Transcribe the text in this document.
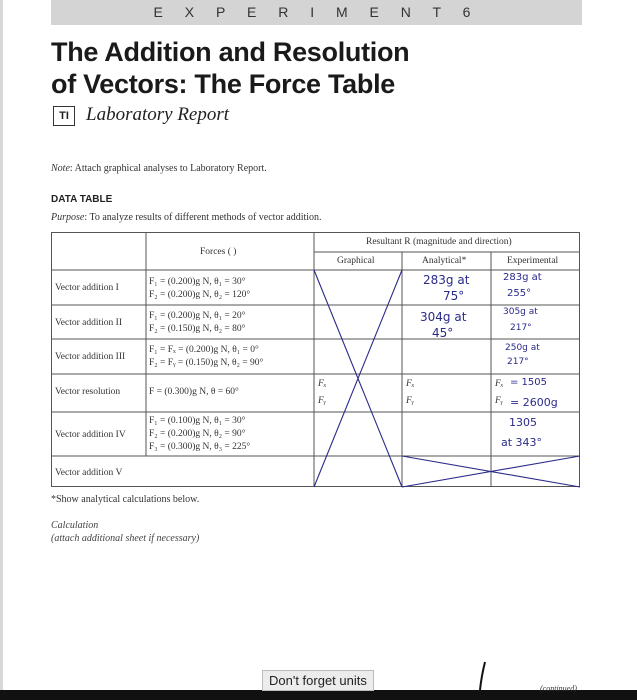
E X P E R I M E N T 6
The Addition and Resolution
of Vectors: The Force Table
TI Laboratory Report
Note: Attach graphical analyses to Laboratory Report.
DATA TABLE
Purpose: To analyze results of different methods of vector addition.
Forces ( )
Resultant R (magnitude and direction)
Graphical	Analytical*	Experimental
Vector addition I
Vector addition II
Vector addition III
Vector resolution
Vector addition IV
Vector addition V
F₁ = (0.200)g N, θ₁ = 30°
F₂ = (0.200)g N, θ₂ = 120°
F₁ = (0.200)g N, θ₁ = 20°
F₂ = (0.150)g N, θ₂ = 80°
F₁ = Fₓ = (0.200)g N, θ₁ = 0°
F₂ = Fᵧ = (0.150)g N, θ₂ = 90°
F = (0.300)g N, θ = 60°
F₁ = (0.100)g N, θ₁ = 30°
F₂ = (0.200)g N, θ₂ = 90°
F₃ = (0.300)g N, θ₃ = 225°
Fₓ
Fᵧ
Fₓ
Fᵧ
Fₓ
Fᵧ
283g at
75°
283g at
255°
304g at
45°
305g at
217°
250g at
217°
= 1505
= 2600g
1305
at 343°
*Show analytical calculations below.
Calculation
(attach additional sheet if necessary)
Don't forget units
(continued)
